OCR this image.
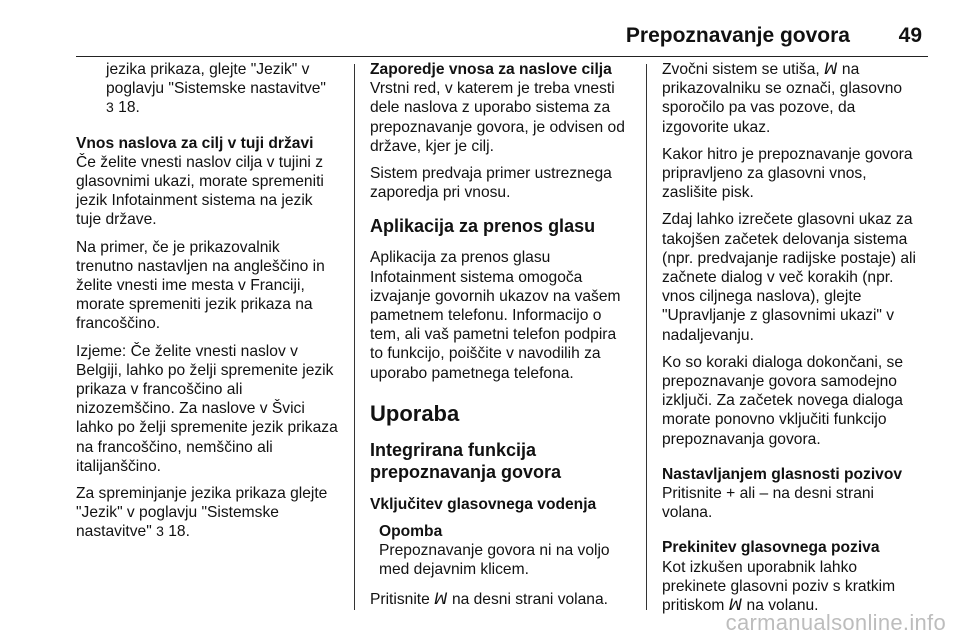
Prepoznavanje govora 49

jezika prikaza, glejte "Jezik" v
poglavju "Sistemske nastavitve"
3 18.

Vnos naslova za cilj v tuji državi

Če želite vnesti naslov cilja v tujini z
glasovnimi ukazi, morate spremeniti
jezik Infotainment sistema na jezik
tuje države.

Na primer, če je prikazovalnik
trenutno nastavljen na angleščino in
želite vnesti ime mesta v Franciji,
morate spremeniti jezik prikaza na
francoščino.

Izjeme: Če želite vnesti naslov v
Belgiji, lahko po želji spremenite jezik
prikaza v francoščino ali
nizozemščino. Za naslove v Švici
lahko po želji spremenite jezik prikaza
na francoščino, nemščino ali
italijanščino.

Za spreminjanje jezika prikaza glejte
"Jezik" v poglavju "Sistemske
nastavitve" 3 18.

Zaporedje vnosa za naslove cilja

Vrstni red, v katerem je treba vnesti
dele naslova z uporabo sistema za
prepoznavanje govora, je odvisen od
države, kjer je cilj.

Sistem predvaja primer ustreznega
zaporedja pri vnosu.

Aplikacija za prenos glasu

Aplikacija za prenos glasu
Infotainment sistema omogoča
izvajanje govornih ukazov na vašem
pametnem telefonu. Informacijo o
tem, ali vaš pametni telefon podpira
to funkcijo, poiščite v navodilih za
uporabo pametnega telefona.

Uporaba
Integrirana funkcija
prepoznavanja govora
Vključitev glasovnega vodenja
Opomba
Prepoznavanje govora ni na voljo
med dejavnim klicem.

Pritisnite ꟽ na desni strani volana.

Zvočni sistem se utiša, ꟽ na
prikazovalniku se označi, glasovno
sporočilo pa vas pozove, da
izgovorite ukaz.

Kakor hitro je prepoznavanje govora
pripravljeno za glasovni vnos,
zaslišite pisk.

Zdaj lahko izrečete glasovni ukaz za
takojšen začetek delovanja sistema
(npr. predvajanje radijske postaje) ali
začnete dialog v več korakih (npr.
vnos ciljnega naslova), glejte
"Upravljanje z glasovnimi ukazi" v
nadaljevanju.

Ko so koraki dialoga dokončani, se
prepoznavanje govora samodejno
izključi. Za začetek novega dialoga
morate ponovno vključiti funkcijo
prepoznavanja govora.

Nastavljanjem glasnosti pozivov

Pritisnite + ali – na desni strani
volana.

Prekinitev glasovnega poziva

Kot izkušen uporabnik lahko
prekinete glasovni poziv s kratkim
pritiskom ꟽ na volanu.

carmanualsonline.info
